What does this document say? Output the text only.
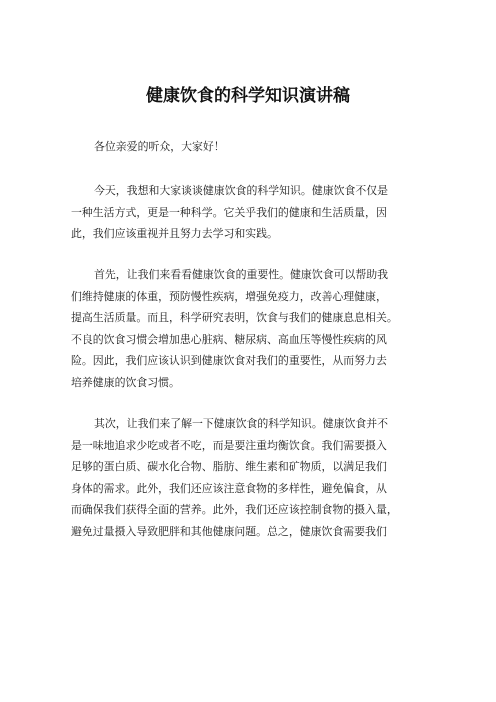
健康饮食的科学知识演讲稿
各位亲爱的听众，大家好！
今天，我想和大家谈谈健康饮食的科学知识。健康饮食不仅是
一种生活方式，更是一种科学。它关乎我们的健康和生活质量，因
此，我们应该重视并且努力去学习和实践。
首先，让我们来看看健康饮食的重要性。健康饮食可以帮助我
们维持健康的体重，预防慢性疾病，增强免疫力，改善心理健康，
提高生活质量。而且，科学研究表明，饮食与我们的健康息息相关。
不良的饮食习惯会增加患心脏病、糖尿病、高血压等慢性疾病的风
险。因此，我们应该认识到健康饮食对我们的重要性，从而努力去
培养健康的饮食习惯。
其次，让我们来了解一下健康饮食的科学知识。健康饮食并不
是一味地追求少吃或者不吃，而是要注重均衡饮食。我们需要摄入
足够的蛋白质、碳水化合物、脂肪、维生素和矿物质，以满足我们
身体的需求。此外，我们还应该注意食物的多样性，避免偏食，从
而确保我们获得全面的营养。此外，我们还应该控制食物的摄入量，
避免过量摄入导致肥胖和其他健康问题。总之，健康饮食需要我们
